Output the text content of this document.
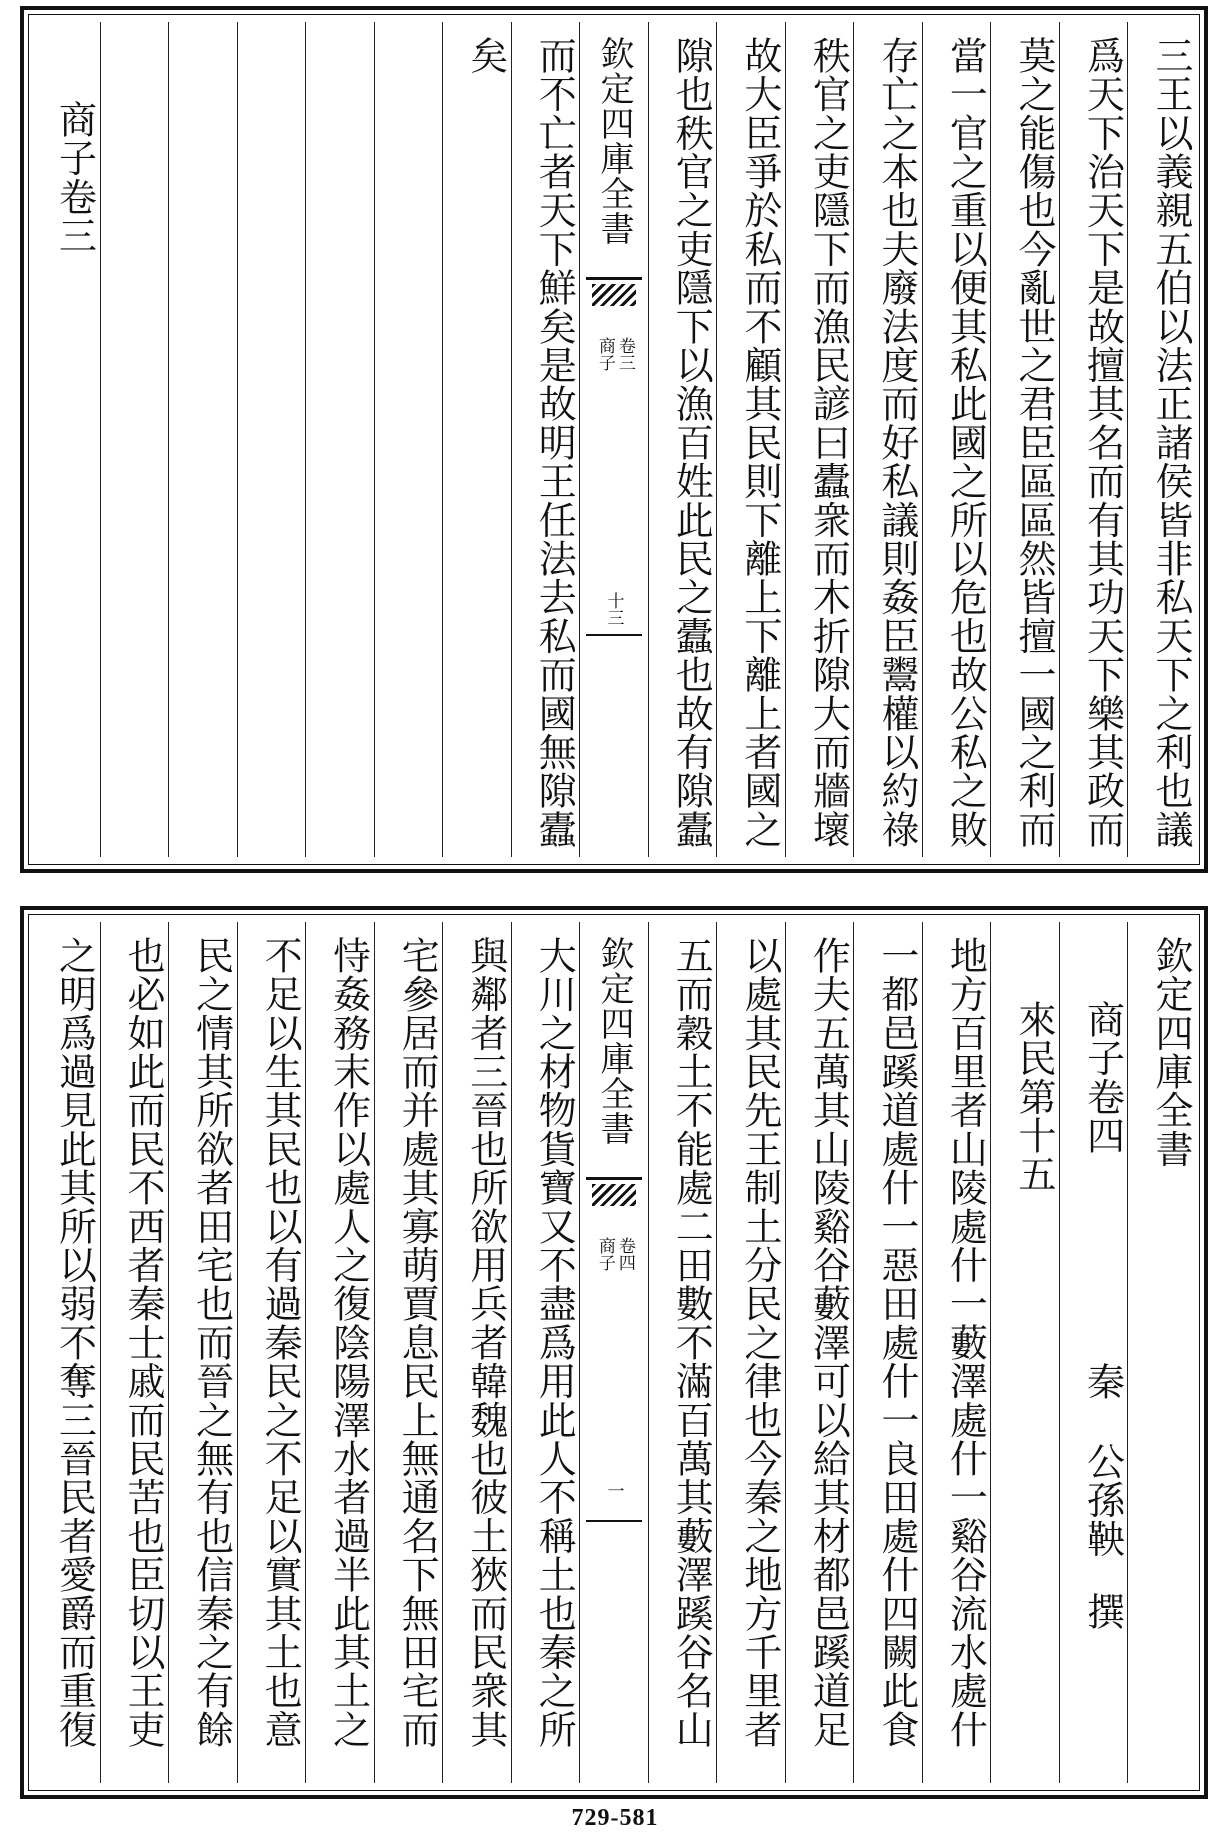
三王以義親五伯以法正諸侯皆非私天下之利也議
爲天下治天下是故擅其名而有其功天下樂其政而
莫之能傷也今亂世之君臣區區然皆擅一國之利而
當一官之重以便其私此國之所以危也故公私之敗
存亡之本也夫廢法度而好私議則姦臣鬻權以約祿
秩官之吏隱下而漁民諺曰蠹衆而木折隙大而牆壞
故大臣爭於私而不顧其民則下離上下離上者國之
隙也秩官之吏隱下以漁百姓此民之蠹也故有隙蠹
欽定四庫全書
商子 卷三
十三
而不亡者天下鮮矣是故明王任法去私而國無隙蠹
矣
商子卷三
欽定四庫全書
商子卷四
秦
公孫鞅
撰
來民第十五
地方百里者山陵處什一藪澤處什一谿谷流水處什
一都邑蹊道處什一惡田處什一良田處什四闕此食
作夫五萬其山陵谿谷藪澤可以給其材都邑蹊道足
以處其民先王制土分民之律也今秦之地方千里者
五而穀土不能處二田數不滿百萬其藪澤蹊谷名山
欽定四庫全書
商子 卷四
一
大川之材物貨寶又不盡爲用此人不稱土也秦之所
與鄰者三晉也所欲用兵者韓魏也彼土狹而民衆其
宅參居而并處其寡萌賈息民上無通名下無田宅而
恃姦務末作以處人之復陰陽澤水者過半此其土之
不足以生其民也以有過秦民之不足以實其土也意
民之情其所欲者田宅也而晉之無有也信秦之有餘
也必如此而民不西者秦士戚而民苦也臣切以王吏
之明爲過見此其所以弱不奪三晉民者愛爵而重復
729-581
